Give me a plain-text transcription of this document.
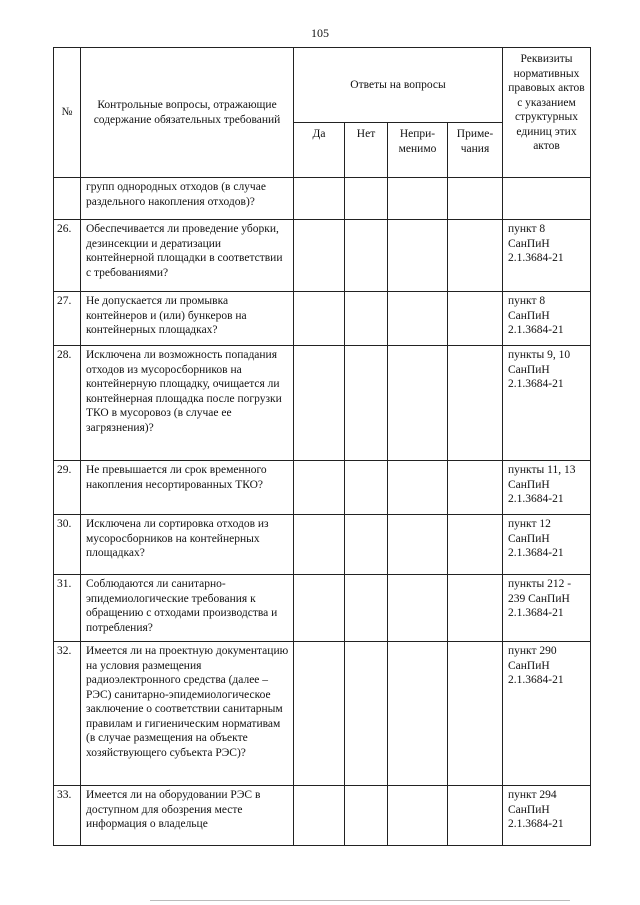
105
№	Контрольные вопросы, отражающие содержание обязательных требований	Ответы на вопросы				Реквизиты нормативных правовых актов с указанием структурных единиц этих актов
		Да	Нет	Непри-менимо	Приме-чания	
	групп однородных отходов (в случае раздельного накопления отходов)?					
26.	Обеспечивается ли проведение уборки, дезинсекции и дератизации контейнерной площадки в соответствии с требованиями?					пункт 8 СанПиН 2.1.3684-21
27.	Не допускается ли промывка контейнеров и (или) бункеров на контейнерных площадках?					пункт 8 СанПиН 2.1.3684-21
28.	Исключена ли возможность попадания отходов из мусоросборников на контейнерную площадку, очищается ли контейнерная площадка после погрузки ТКО в мусоровоз (в случае ее загрязнения)?					пункты 9, 10 СанПиН 2.1.3684-21
29.	Не превышается ли срок временного накопления несортированных ТКО?					пункты 11, 13 СанПиН 2.1.3684-21
30.	Исключена ли сортировка отходов из мусоросборников на контейнерных площадках?					пункт 12 СанПиН 2.1.3684-21
31.	Соблюдаются ли санитарно-эпидемиологические требования к обращению с отходами производства и потребления?					пункты 212 - 239 СанПиН 2.1.3684-21
32.	Имеется ли на проектную документацию на условия размещения радиоэлектронного средства (далее – РЭС) санитарно-эпидемиологическое заключение о соответствии санитарным правилам и гигиеническим нормативам (в случае размещения на объекте хозяйствующего субъекта РЭС)?					пункт 290 СанПиН 2.1.3684-21
33.	Имеется ли на оборудовании РЭС в доступном для обозрения месте информация о владельце					пункт 294 СанПиН 2.1.3684-21
